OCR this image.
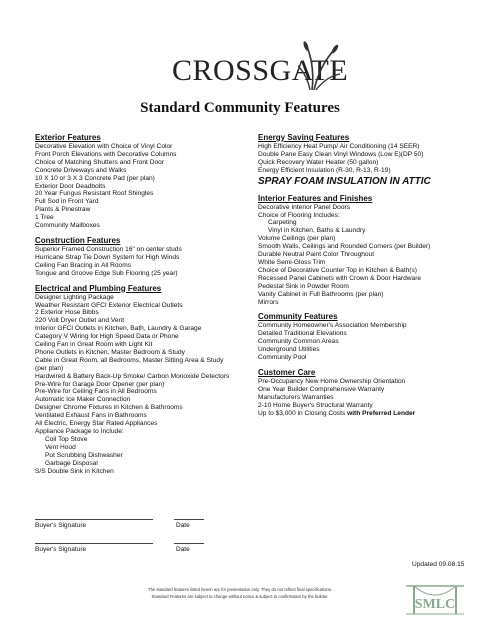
CROSSGATE
Standard Community Features
Exterior Features
Decorative Elevation with Choice of Vinyl Color
Front Porch Elevations with Decorative Columns
Choice of Matching Shutters and Front Door
Concrete Driveways and Walks
10 X 10 or 3 X 3 Concrete Pad (per plan)
Exterior Door Deadbolts
20 Year Fungus Resistant Roof Shingles
Full Sod in Front Yard
Plants & Pinestraw
1 Tree
Community Mailboxes
Construction Features
Superior Framed Construction 16" on center studs
Hurricane Strap Tie Down System for High Winds
Ceiling Fan Bracing in All Rooms
Tongue and Groove Edge Sub Flooring (25 year)
Electrical and Plumbing Features
Designer Lighting Package
Weather Resistant GFCI Exterior Electrical Outlets
2 Exterior Hose Bibbs
220 Volt Dryer Outlet and Vent
Interior GFCI Outlets in Kitchen, Bath, Laundry & Garage
Category V Wiring for High Speed Data or Phone
Ceiling Fan in Great Room with Light Kit
Phone Outlets in Kitchen, Master Bedroom & Study
Cable in Great Room, all Bedrooms, Master Sitting Area & Study
(per plan)
Hardwired & Battery Back-Up Smoke/ Carbon Monoxide Detectors
Pre-Wire for Garage Door Opener (per plan)
Pre-Wire for Ceiling Fans in All Bedrooms
Automatic Ice Maker Connection
Designer Chrome Fixtures in Kitchen & Bathrooms
Ventilated Exhaust Fans in Bathrooms
All Electric, Energy Star Rated Appliances
Appliance Package to Include:
Coil Top Stove
Vent Hood
Pot Scrubbing Dishwasher
Garbage Disposal
S/S Double Sink in Kitchen
Energy Saving Features
High Efficiency Heat Pump/ Air Conditioning (14 SEER)
Double Pane Easy Clean Vinyl Windows (Low E)(DP 50)
Quick Recovery Water Heater (50 gallon)
Energy Efficient Insulation (R-30, R-13, R-19)
SPRAY FOAM INSULATION IN ATTIC
Interior Features and Finishes
Decorative Interior Panel Doors
Choice of Flooring Includes:
Carpeting
Vinyl in Kitchen, Baths & Laundry
Volume Ceilings (per plan)
Smooth Walls, Ceilings and Rounded Corners (per Builder)
Durable Neutral Paint Color Throughout
White Semi-Gloss Trim
Choice of Decorative Counter Top in Kitchen & Bath(s)
Recessed Panel Cabinets with Crown & Door Hardware
Pedestal Sink in Powder Room
Vanity Cabinet in Full Bathrooms (per plan)
Mirrors
Community Features
Community Homeowner's Association Membership
Detailed Traditional Elevations
Community Common Areas
Underground Utilities
Community Pool
Customer Care
Pre-Occupancy New Home Ownership Orientation
One Year Builder Comprehensive Warranty
Manufacturers Warranties
2-10 Home Buyer's Structural Warranty
Up to $3,000 in Closing Costs with Preferred Lender
Buyer's Signature	Date
Buyer's Signature	Date
Updated 09.08.15
The standard features listed herein are for presentation only. They do not reflect final specifications.
Standard Features are subject to change without notice & subject to confirmation by the builder.
SMLC
